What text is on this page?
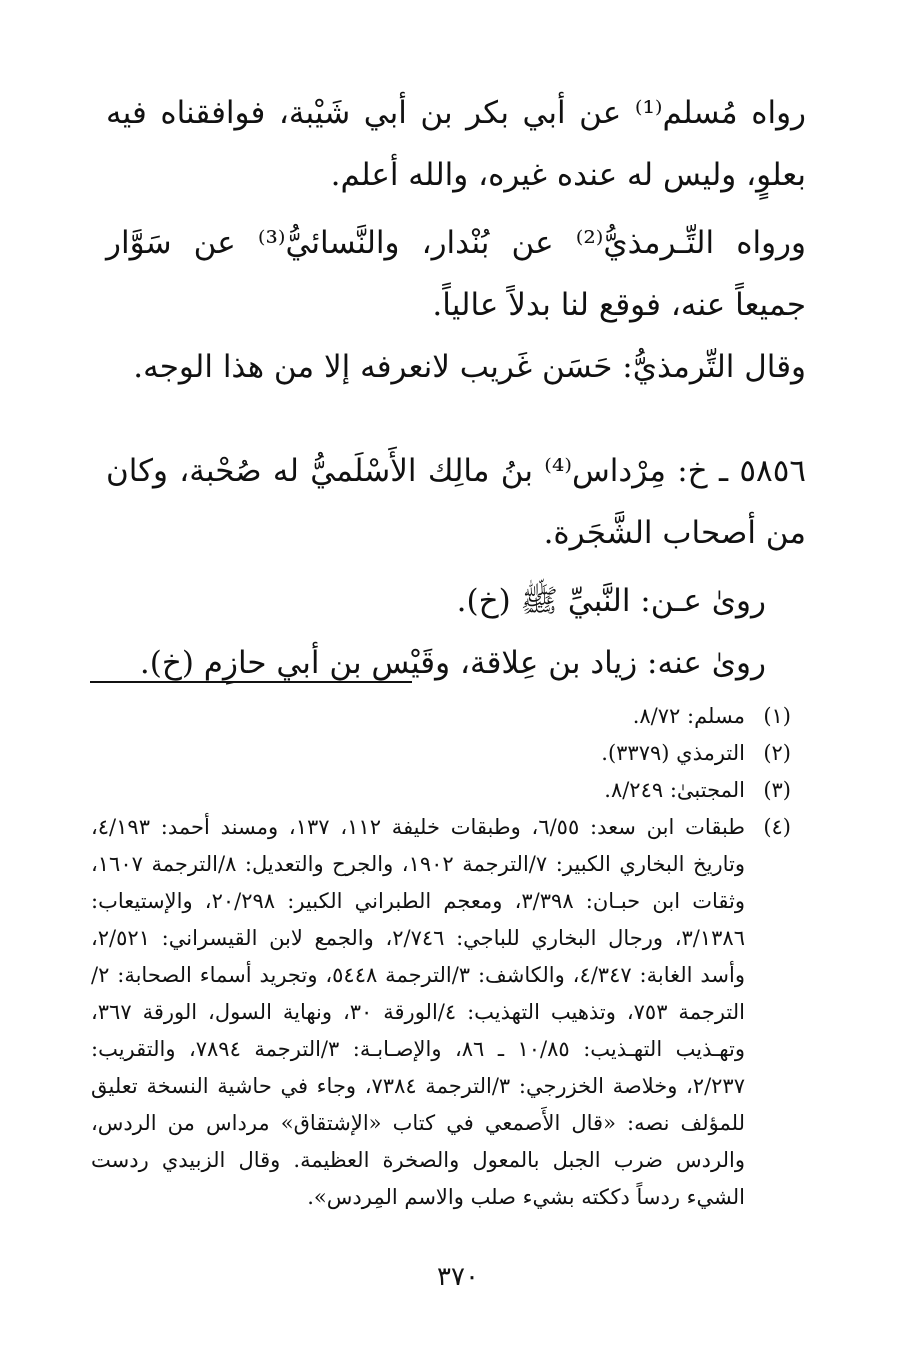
رواه مُسلم⁽¹⁾ عن أبي بكر بن أبي شَيْبة، فوافقناه فيه بعلوٍ، وليس له عنده غيره، والله أعلم.

ورواه التِّـرمذيُّ⁽²⁾ عن بُنْدار، والنَّسائيُّ⁽³⁾ عن سَوَّار جميعاً عنه، فوقع لنا بدلاً عالياً.

وقال التِّرمذيُّ: حَسَن غَريب لانعرفه إلا من هذا الوجه.

٥٨٥٦ ـ خ: مِرْداس⁽⁴⁾ بنُ مالِك الأَسْلَميُّ له صُحْبة، وكان من أصحاب الشَّجَرة.

روىٰ عـن: النَّبيِّ ﷺ (خ).

روىٰ عنه: زياد بن عِلاقة، وقَيْس بن أبي حازِم (خ).

(١)
مسلم: ٨/٧٢.
(٢)
الترمذي (٣٣٧٩).
(٣)
المجتبىٰ: ٨/٢٤٩.
(٤)
طبقات ابن سعد: ٦/٥٥، وطبقات خليفة ١١٢، ١٣٧، ومسند أحمد: ٤/١٩٣، وتاريخ البخاري الكبير: ٧/الترجمة ١٩٠٢، والجرح والتعديل: ٨/الترجمة ١٦٠٧، وثقات ابن حبـان: ٣/٣٩٨، ومعجم الطبراني الكبير: ٢٠/٢٩٨، والإستيعاب: ٣/١٣٨٦، ورجال البخاري للباجي: ٢/٧٤٦، والجمع لابن القيسراني: ٢/٥٢١، وأسد الغابة: ٤/٣٤٧، والكاشف: ٣/الترجمة ٥٤٤٨، وتجريد أسماء الصحابة: ٢/الترجمة ٧٥٣، وتذهيب التهذيب: ٤/الورقة ٣٠، ونهاية السول، الورقة ٣٦٧، وتهـذيب التهـذيب: ١٠/٨٥ ـ ٨٦، والإصـابـة: ٣/الترجمة ٧٨٩٤، والتقريب: ٢/٢٣٧، وخلاصة الخزرجي: ٣/الترجمة ٧٣٨٤، وجاء في حاشية النسخة تعليق للمؤلف نصه: «قال الأَصمعي في كتاب «الإشتقاق» مرداس من الردس، والردس ضرب الجبل بالمعول والصخرة العظيمة. وقال الزبيدي ردست الشيء ردساً دككته بشيء صلب والاسم المِردس».
٣٧٠
